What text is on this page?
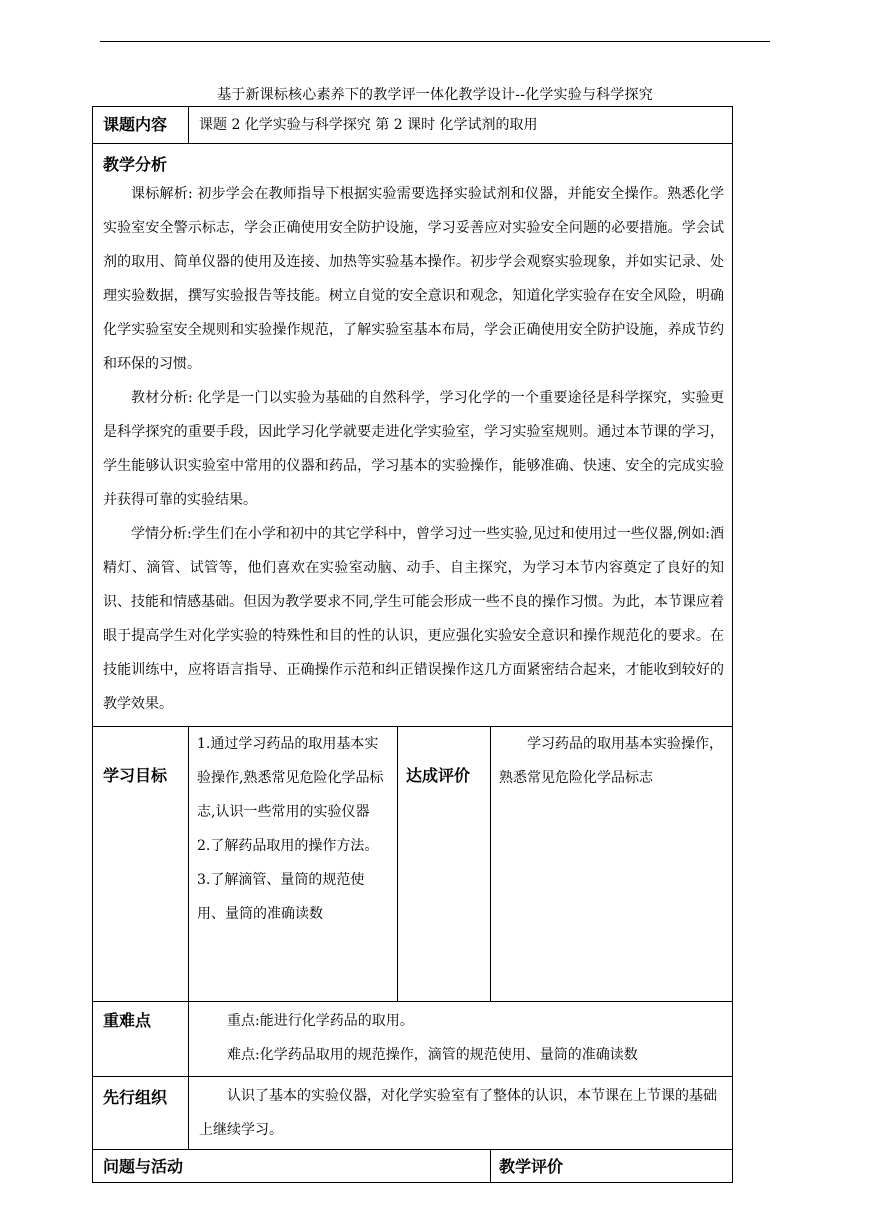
基于新课标核心素养下的教学评一体化教学设计--化学实验与科学探究
课题内容	课题 2 化学实验与科学探究 第 2 课时 化学试剂的取用		

教学分析
课标解析: 初步学会在教师指导下根据实验需要选择实验试剂和仪器，并能安全操作。熟悉化学实验室安全警示标志，学会正确使用安全防护设施，学习妥善应对实验安全问题的必要措施。学会试剂的取用、简单仪器的使用及连接、加热等实验基本操作。初步学会观察实验现象，并如实记录、处理实验数据，撰写实验报告等技能。树立自觉的安全意识和观念，知道化学实验存在安全风险，明确化学实验室安全规则和实验操作规范，了解实验室基本布局，学会正确使用安全防护设施，养成节约和环保的习惯。
教材分析: 化学是一门以实验为基础的自然科学，学习化学的一个重要途径是科学探究，实验更是科学探究的重要手段，因此学习化学就要走进化学实验室，学习实验室规则。通过本节课的学习，学生能够认识实验室中常用的仪器和药品，学习基本的实验操作，能够准确、快速、安全的完成实验并获得可靠的实验结果。
学情分析:学生们在小学和初中的其它学科中，曾学习过一些实验,见过和使用过一些仪器,例如:酒精灯、滴管、试管等，他们喜欢在实验室动脑、动手、自主探究，为学习本节内容奠定了良好的知识、技能和情感基础。但因为教学要求不同,学生可能会形成一些不良的操作习惯。为此，本节课应着眼于提高学生对化学实验的特殊性和目的性的认识，更应强化实验安全意识和操作规范化的要求。在技能训练中，应将语言指导、正确操作示范和纠正错误操作这几方面紧密结合起来，才能收到较好的教学效果。			

学习目标	1.通过学习药品的取用基本实验操作,熟悉常见危险化学品标志,认识一些常用的实验仪器
2.了解药品取用的操作方法。
3.了解滴管、量筒的规范使用、量筒的准确读数	达成评价	学习药品的取用基本实验操作，熟悉常见危险化学品标志

重难点	重点:能进行化学药品的取用。
难点:化学药品取用的规范操作，滴管的规范使用、量筒的准确读数		

先行组织	认识了基本的实验仪器，对化学实验室有了整体的认识，本节课在上节课的基础上继续学习。		

问题与活动			教学评价
